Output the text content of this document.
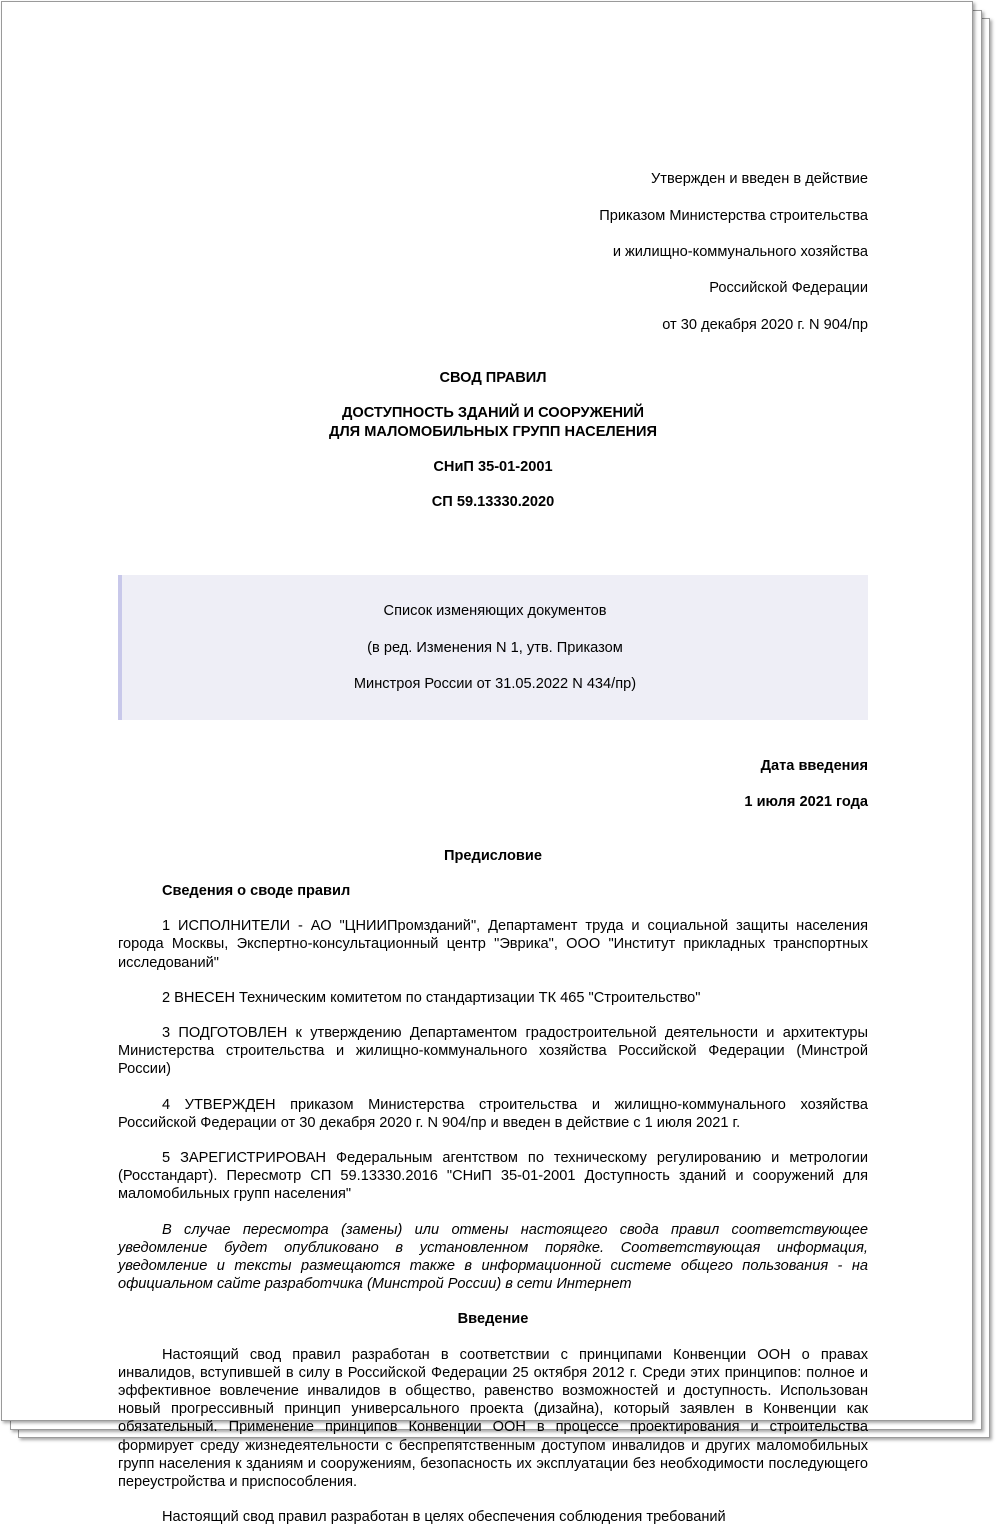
Утвержден и введен в действие

Приказом Министерства строительства

и жилищно-коммунального хозяйства

Российской Федерации

от 30 декабря 2020 г. N 904/пр

СВОД ПРАВИЛ
ДОСТУПНОСТЬ ЗДАНИЙ И СООРУЖЕНИЙ
ДЛЯ МАЛОМОБИЛЬНЫХ ГРУПП НАСЕЛЕНИЯ
СНиП 35-01-2001
СП 59.13330.2020

Список изменяющих документов

(в ред. Изменения N 1, утв. Приказом

Минстроя России от 31.05.2022 N 434/пр)

Дата введения

1 июля 2021 года

Предисловие
Сведения о своде правил
1 ИСПОЛНИТЕЛИ - АО "ЦНИИПромзданий", Департамент труда и социальной защиты населения города Москвы, Экспертно-консультационный центр "Эврика", ООО "Институт прикладных транспортных исследований"
2 ВНЕСЕН Техническим комитетом по стандартизации ТК 465 "Строительство"
3 ПОДГОТОВЛЕН к утверждению Департаментом градостроительной деятельности и архитектуры Министерства строительства и жилищно-коммунального хозяйства Российской Федерации (Минстрой России)
4 УТВЕРЖДЕН приказом Министерства строительства и жилищно-коммунального хозяйства Российской Федерации от 30 декабря 2020 г. N 904/пр и введен в действие с 1 июля 2021 г.
5 ЗАРЕГИСТРИРОВАН Федеральным агентством по техническому регулированию и метрологии (Росстандарт). Пересмотр СП 59.13330.2016 "СНиП 35-01-2001 Доступность зданий и сооружений для маломобильных групп населения"
В случае пересмотра (замены) или отмены настоящего свода правил соответствующее уведомление будет опубликовано в установленном порядке. Соответствующая информация, уведомление и тексты размещаются также в информационной системе общего пользования - на официальном сайте разработчика (Минстрой России) в сети Интернет
Введение
Настоящий свод правил разработан в соответствии с принципами Конвенции ООН о правах инвалидов, вступившей в силу в Российской Федерации 25 октября 2012 г. Среди этих принципов: полное и эффективное вовлечение инвалидов в общество, равенство возможностей и доступность. Использован новый прогрессивный принцип универсального проекта (дизайна), который заявлен в Конвенции как обязательный. Применение принципов Конвенции ООН в процессе проектирования и строительства формирует среду жизнедеятельности с беспрепятственным доступом инвалидов и других маломобильных групп населения к зданиям и сооружениям, безопасность их эксплуатации без необходимости последующего переустройства и приспособления.
Настоящий свод правил разработан в целях обеспечения соблюдения требований
